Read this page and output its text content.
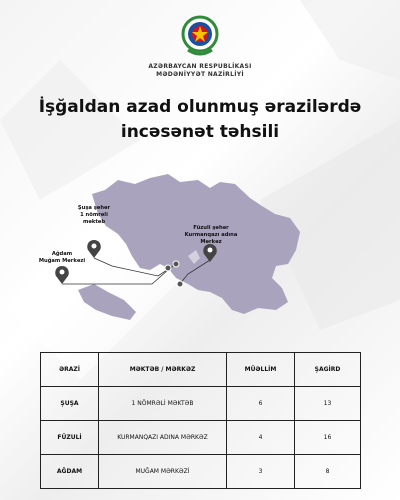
AZƏRBAYCAN RESPUBLİKASI
MƏDƏNİYYƏT NAZİRLİYİ
İşğaldan azad olunmuş ərazilərdə
incəsənət təhsili
Şuşa şəhər
1 nömrəli
məktəb
Ağdam
Muğam Mərkəzi
Füzuli şəhər
Kurmanqazı adına
Mərkəz
ƏRAZİ	MƏKTƏB / MƏRKƏZ	MÜƏLLİM	ŞAGİRD
ŞUŞA	1 NÖMRƏLİ MƏKTƏB	6	13
FÜZULİ	KURMANQAZI ADINA MƏRKƏZ	4	16
AĞDAM	MUĞAM MƏRKƏZİ	3	8
